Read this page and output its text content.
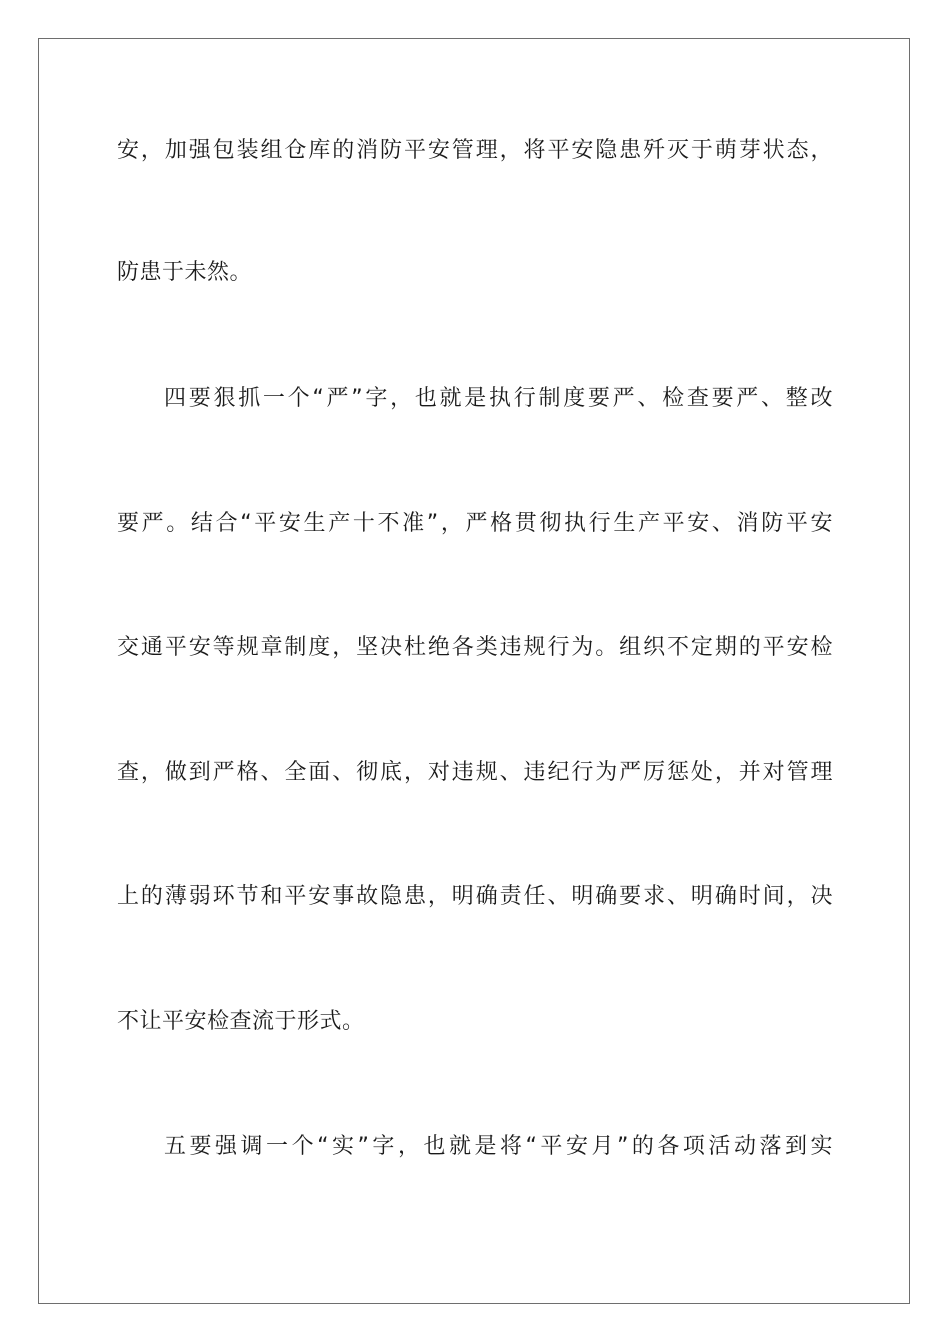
安，加强包装组仓库的消防平安管理，将平安隐患歼灭于萌芽状态，
防患于未然。
四要狠抓一个“严”字，也就是执行制度要严、检查要严、整改
要严。结合“平安生产十不准”，严格贯彻执行生产平安、消防平安
交通平安等规章制度，坚决杜绝各类违规行为。组织不定期的平安检
查，做到严格、全面、彻底，对违规、违纪行为严厉惩处，并对管理
上的薄弱环节和平安事故隐患，明确责任、明确要求、明确时间，决
不让平安检查流于形式。
五要强调一个“实”字，也就是将“平安月”的各项活动落到实
